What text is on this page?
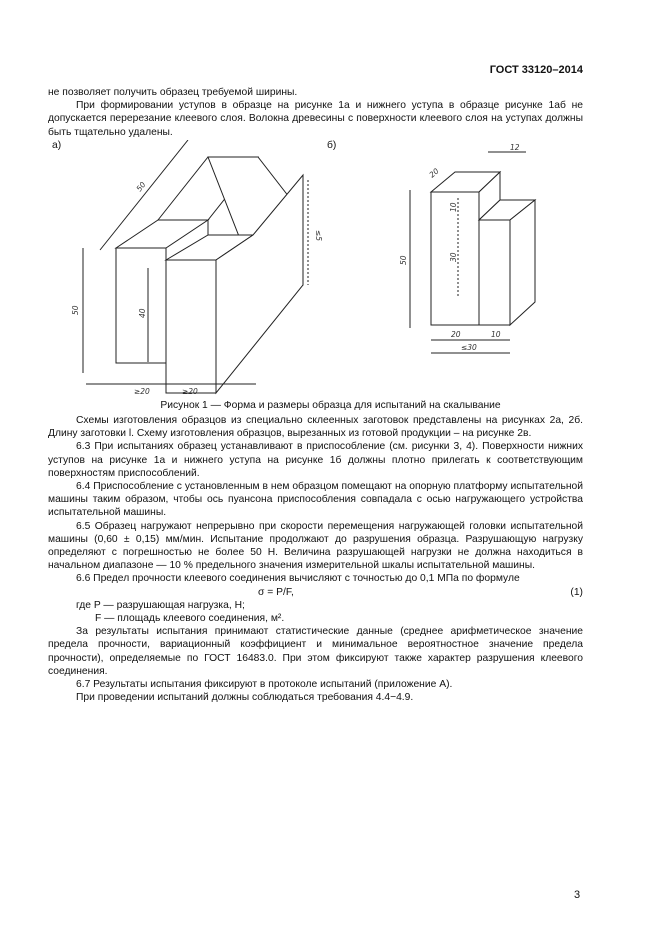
ГОСТ 33120–2014

не позволяет получить образец требуемой ширины.

При формировании уступов в образце на рисунке 1а и нижнего уступа в образце рисунке 1аб не допускается перерезание клеевого слоя. Волокна древесины с поверхности клеевого слоя на уступах должны быть тщательно удалены.

а)	б)
50
50	40
≥20	≥20
≤5
20
12
10
30
50
20	10
≤30
Рисунок 1 — Форма и размеры образца для испытаний на скалывание

Схемы изготовления образцов из специально склеенных заготовок представлены на рисунках 2а, 2б. Длину заготовки l. Схему изготовления образцов, вырезанных из готовой продукции – на рисунке 2в.

6.3 При испытаниях образец устанавливают в приспособление (см. рисунки 3, 4). Поверхности нижних уступов на рисунке 1а и нижнего уступа на рисунке 1б должны плотно прилегать к соответствующим поверхностям приспособлений.

6.4 Приспособление с установленным в нем образцом помещают на опорную платформу испытательной машины таким образом, чтобы ось пуансона приспособления совпадала с осью нагружающего устройства испытательной машины.

6.5 Образец нагружают непрерывно при скорости перемещения нагружающей головки испытательной машины (0,60 ± 0,15) мм/мин. Испытание продолжают до разрушения образца. Разрушающую нагрузку определяют с погрешностью не более 50 Н. Величина разрушающей нагрузки не должна находиться в начальном диапазоне — 10 % предельного значения измерительной шкалы испытательной машины.

6.6 Предел прочности клеевого соединения вычисляют с точностью до 0,1 МПа по формуле

σ = P/F,	(1)

где P — разрушающая нагрузка, Н;

F — площадь клеевого соединения, м².

За результаты испытания принимают статистические данные (среднее арифметическое значение предела прочности, вариационный коэффициент и минимальное вероятностное значение предела прочности), определяемые по ГОСТ 16483.0. При этом фиксируют также характер разрушения клеевого соединения.

6.7 Результаты испытания фиксируют в протоколе испытаний (приложение А).

При проведении испытаний должны соблюдаться требования 4.4−4.9.

3
